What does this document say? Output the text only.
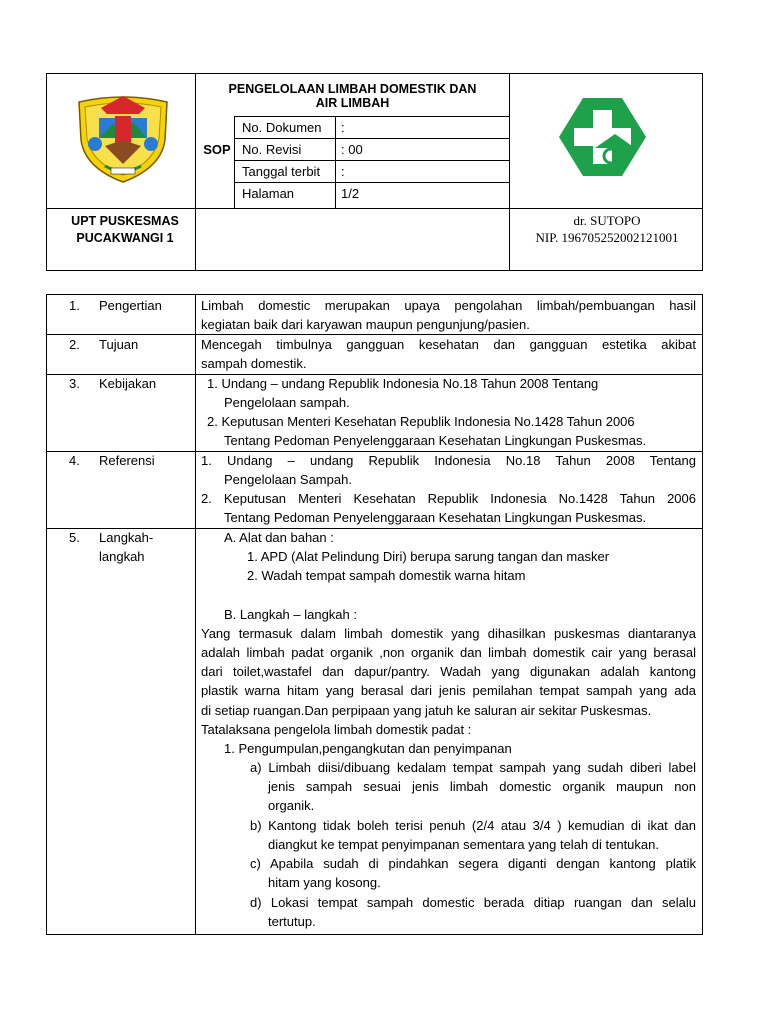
PENGELOLAAN LIMBAH DOMESTIK DAN
AIR LIMBAH
SOP
No. Dokumen :
No. Revisi	: 00
Tanggal terbit :
Halaman	1/2
UPT PUSKESMAS
PUCAKWANGI 1
dr. SUTOPO
NIP. 196705252002121001
1.	Pengertian	Limbah domestic merupakan upaya pengolahan limbah/pembuangan hasil
kegiatan baik dari karyawan maupun pengunjung/pasien.
2.	Tujuan	Mencegah timbulnya gangguan kesehatan dan gangguan estetika akibat
sampah domestik.
3.	Kebijakan	1. Undang – undang Republik Indonesia No.18 Tahun 2008 Tentang
Pengelolaan sampah.
2. Keputusan Menteri Kesehatan Republik Indonesia No.1428 Tahun 2006
Tentang Pedoman Penyelenggaraan Kesehatan Lingkungan Puskesmas.
4.	Referensi	1. Undang – undang Republik Indonesia No.18 Tahun 2008 Tentang
Pengelolaan Sampah.
2. Keputusan Menteri Kesehatan Republik Indonesia No.1428 Tahun 2006
Tentang Pedoman Penyelenggaraan Kesehatan Lingkungan Puskesmas.
5.	Langkah-
langkah
A. Alat dan bahan :
1. APD (Alat Pelindung Diri) berupa sarung tangan dan masker
2. Wadah tempat sampah domestik warna hitam
B. Langkah – langkah :
Yang termasuk dalam limbah domestik yang dihasilkan puskesmas diantaranya
adalah limbah padat organik ,non organik dan limbah domestik cair yang berasal
dari toilet,wastafel dan dapur/pantry. Wadah yang digunakan adalah kantong
plastik warna hitam yang berasal dari jenis pemilahan tempat sampah yang ada
di setiap ruangan.Dan perpipaan yang jatuh ke saluran air sekitar Puskesmas.
Tatalaksana pengelola limbah domestik padat :
1. Pengumpulan,pengangkutan dan penyimpanan
a) Limbah diisi/dibuang kedalam tempat sampah yang sudah diberi label
jenis sampah sesuai jenis limbah domestic organik maupun non
organik.
b) Kantong tidak boleh terisi penuh (2/4 atau 3/4 ) kemudian di ikat dan
diangkut ke tempat penyimpanan sementara yang telah di tentukan.
c) Apabila sudah di pindahkan segera diganti dengan kantong platik
hitam yang kosong.
d) Lokasi tempat sampah domestic berada ditiap ruangan dan selalu
tertutup.
